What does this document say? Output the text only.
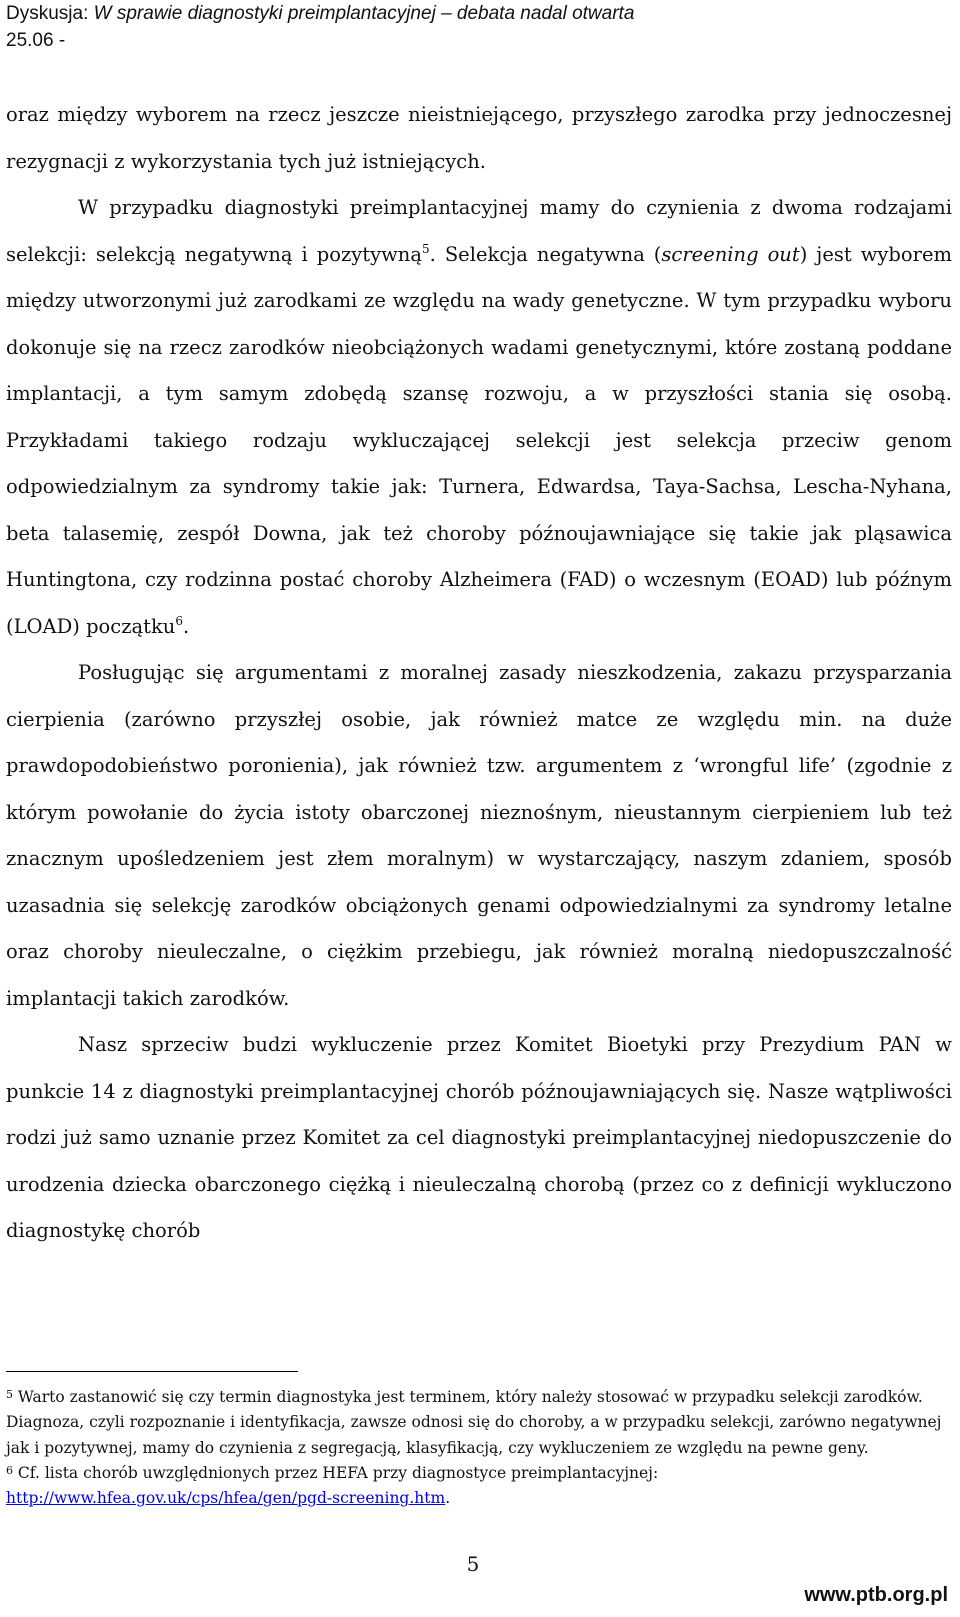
Dyskusja: W sprawie diagnostyki preimplantacyjnej – debata nadal otwarta
25.06 -

oraz między wyborem na rzecz jeszcze nieistniejącego, przyszłego zarodka przy jednoczesnej rezygnacji z wykorzystania tych już istniejących.

W przypadku diagnostyki preimplantacyjnej mamy do czynienia z dwoma rodzajami selekcji: selekcją negatywną i pozytywną$^5$. Selekcja negatywna (screening out) jest wyborem między utworzonymi już zarodkami ze względu na wady genetyczne. W tym przypadku wyboru dokonuje się na rzecz zarodków nieobciążonych wadami genetycznymi, które zostaną poddane implantacji, a tym samym zdobędą szansę rozwoju, a w przyszłości stania się osobą. Przykładami takiego rodzaju wykluczającej selekcji jest selekcja przeciw genom odpowiedzialnym za syndromy takie jak: Turnera, Edwardsa, Taya-Sachsa, Lescha-Nyhana, beta talasemię, zespół Downa, jak też choroby późnoujawniające się takie jak pląsawica Huntingtona, czy rodzinna postać choroby Alzheimera (FAD) o wczesnym (EOAD) lub późnym (LOAD) początku$^6$.

Posługując się argumentami z moralnej zasady nieszkodzenia, zakazu przysparzania cierpienia (zarówno przyszłej osobie, jak również matce ze względu min. na duże prawdopodobieństwo poronienia), jak również tzw. argumentem z ‘wrongful life’ (zgodnie z którym powołanie do życia istoty obarczonej nieznośnym, nieustannym cierpieniem lub też znacznym upośledzeniem jest złem moralnym) w wystarczający, naszym zdaniem, sposób uzasadnia się selekcję zarodków obciążonych genami odpowiedzialnymi za syndromy letalne oraz choroby nieuleczalne, o ciężkim przebiegu, jak również moralną niedopuszczalność implantacji takich zarodków.

Nasz sprzeciw budzi wykluczenie przez Komitet Bioetyki przy Prezydium PAN w punkcie 14 z diagnostyki preimplantacyjnej chorób późnoujawniających się. Nasze wątpliwości rodzi już samo uznanie przez Komitet za cel diagnostyki preimplantacyjnej niedopuszczenie do urodzenia dziecka obarczonego ciężką i nieuleczalną chorobą (przez co z definicji wykluczono diagnostykę chorób

$^5$ Warto zastanowić się czy termin diagnostyka jest terminem, który należy stosować w przypadku selekcji zarodków. Diagnoza, czyli rozpoznanie i identyfikacja, zawsze odnosi się do choroby, a w przypadku selekcji, zarówno negatywnej jak i pozytywnej, mamy do czynienia z segregacją, klasyfikacją, czy wykluczeniem ze względu na pewne geny.

$^6$ Cf. lista chorób uwzględnionych przez HEFA przy diagnostyce preimplantacyjnej: http://www.hfea.gov.uk/cps/hfea/gen/pgd-screening.htm.

5
www.ptb.org.pl
